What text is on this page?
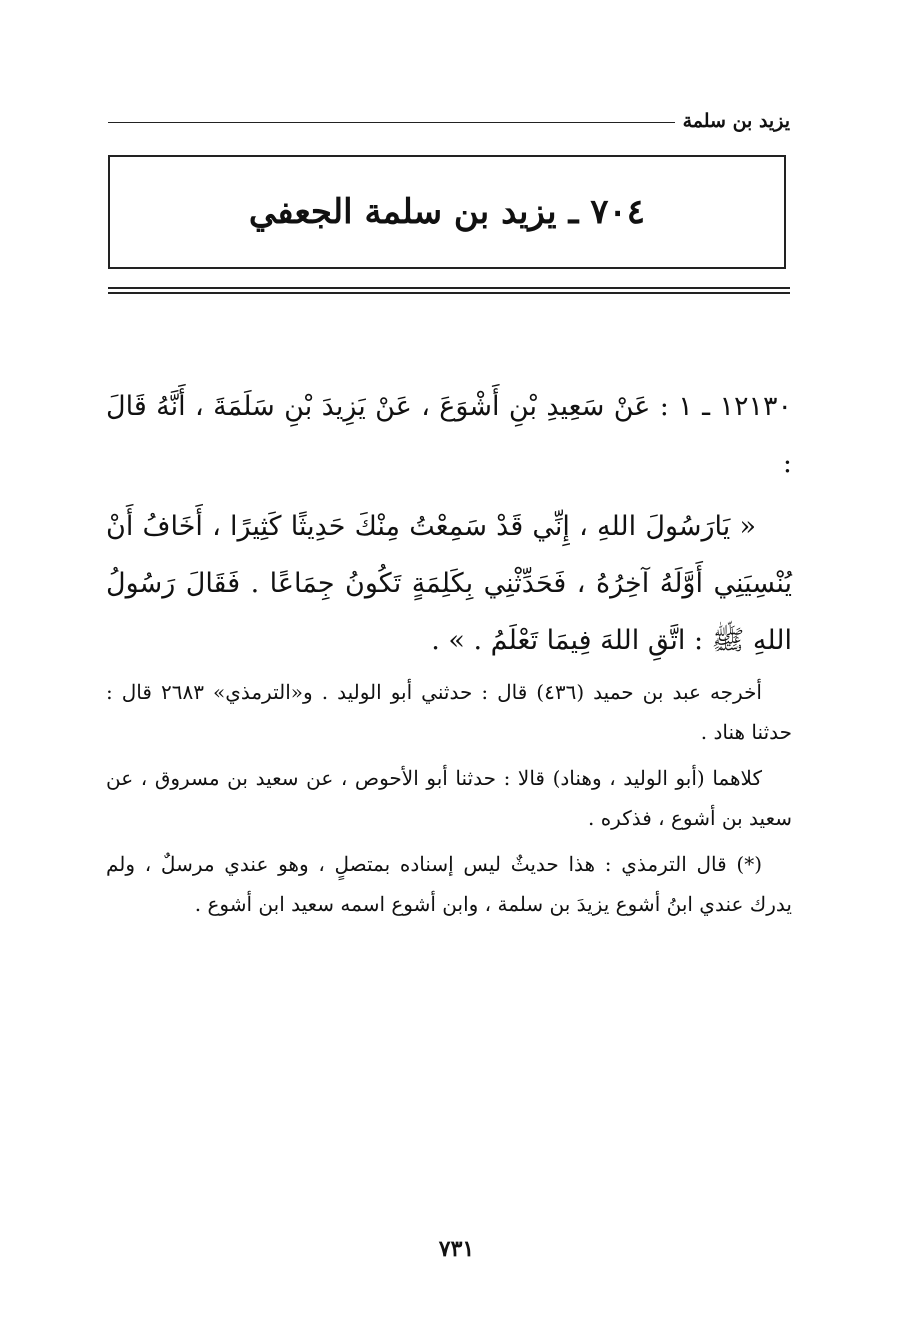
يزيد بن سلمة
٧٠٤ ـ يزيد بن سلمة الجعفي

١٢١٣٠ ـ ١ : عَنْ سَعِيدِ بْنِ أَشْوَعَ ، عَنْ يَزِيدَ بْنِ سَلَمَةَ ، أَنَّهُ قَالَ :

« يَارَسُولَ اللهِ ، إِنِّي قَدْ سَمِعْتُ مِنْكَ حَدِيثًا كَثِيرًا ، أَخَافُ أَنْ يُنْسِيَنِي أَوَّلَهُ آخِرُهُ ، فَحَدِّثْنِي بِكَلِمَةٍ تَكُونُ جِمَاعًا . فَقَالَ رَسُولُ اللهِ ﷺ : اتَّقِ اللهَ فِيمَا تَعْلَمُ . » .

أخرجه عبد بن حميد (٤٣٦) قال : حدثني أبو الوليد . و«الترمذي» ٢٦٨٣ قال : حدثنا هناد .

كلاهما (أبو الوليد ، وهناد) قالا : حدثنا أبو الأحوص ، عن سعيد بن مسروق ، عن سعيد بن أشوع ، فذكره .

(*) قال الترمذي : هذا حديثٌ ليس إسناده بمتصلٍ ، وهو عندي مرسلٌ ، ولم يدرك عندي ابنُ أشوع يزيدَ بن سلمة ، وابن أشوع اسمه سعيد ابن أشوع .

٧٣١
